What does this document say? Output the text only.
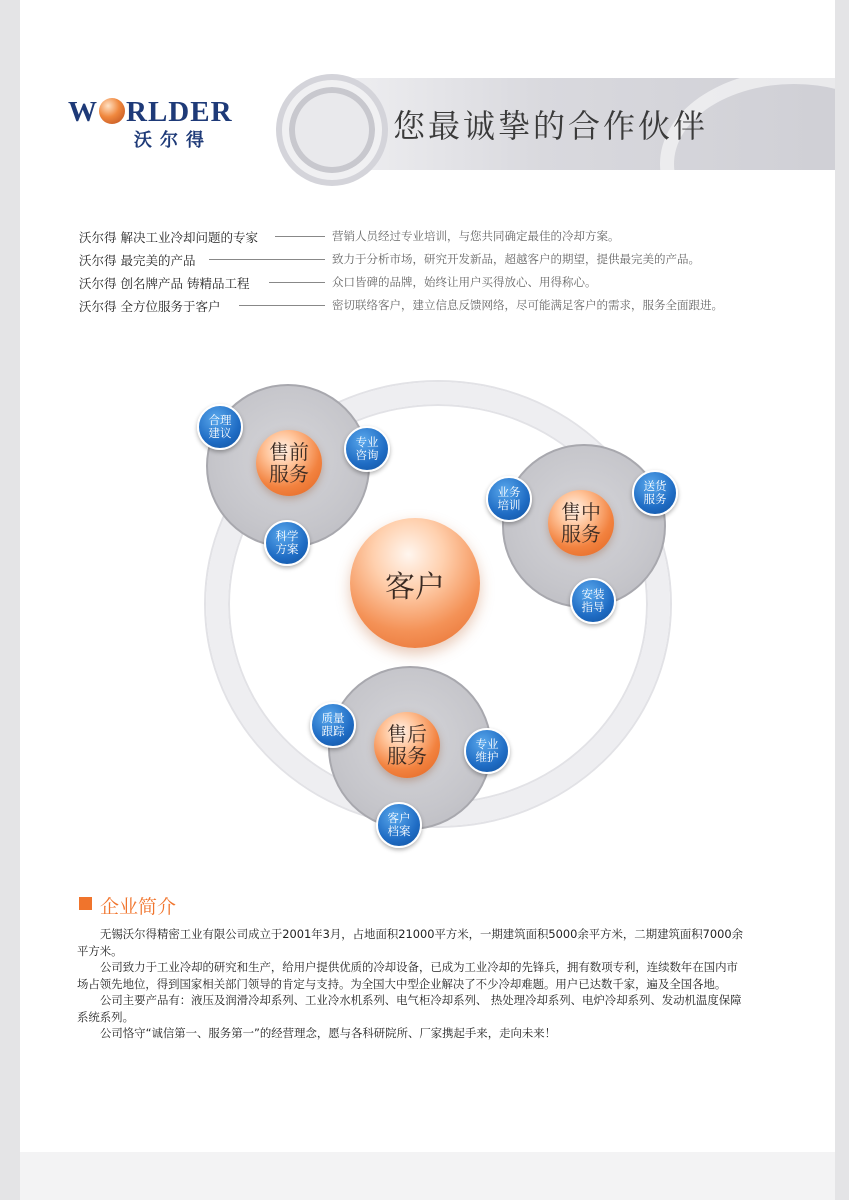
您最诚挚的合作伙伴
W RLDER
沃尔得
沃尔得 解决工业冷却问题的专家	营销人员经过专业培训，与您共同确定最佳的冷却方案。
沃尔得 最完美的产品	致力于分析市场，研究开发新品，超越客户的期望，提供最完美的产品。
沃尔得 创名牌产品 铸精品工程	众口皆碑的品牌，始终让用户买得放心、用得称心。
沃尔得 全方位服务于客户	密切联络客户，建立信息反馈网络，尽可能满足客户的需求，服务全面跟进。
售前
服务
合理
建议
专业
咨询
科学
方案
售中
服务
业务
培训
送货
服务
安装
指导
售后
服务
质量
跟踪
专业
维护
客户
档案
客户
企业简介

无锡沃尔得精密工业有限公司成立于2001年3月，占地面积21000平方米，一期建筑面积5000余平方米，二期建筑面积7000余平方米。

公司致力于工业冷却的研究和生产，给用户提供优质的冷却设备，已成为工业冷却的先锋兵，拥有数项专利，连续数年在国内市场占领先地位，得到国家相关部门领导的肯定与支持。为全国大中型企业解决了不少冷却难题。用户已达数千家，遍及全国各地。

公司主要产品有：液压及润滑冷却系列、工业冷水机系列、电气柜冷却系列、 热处理冷却系列、电炉冷却系列、发动机温度保障系统系列。

公司恪守“诚信第一、服务第一”的经营理念，愿与各科研院所、厂家携起手来，走向未来！
